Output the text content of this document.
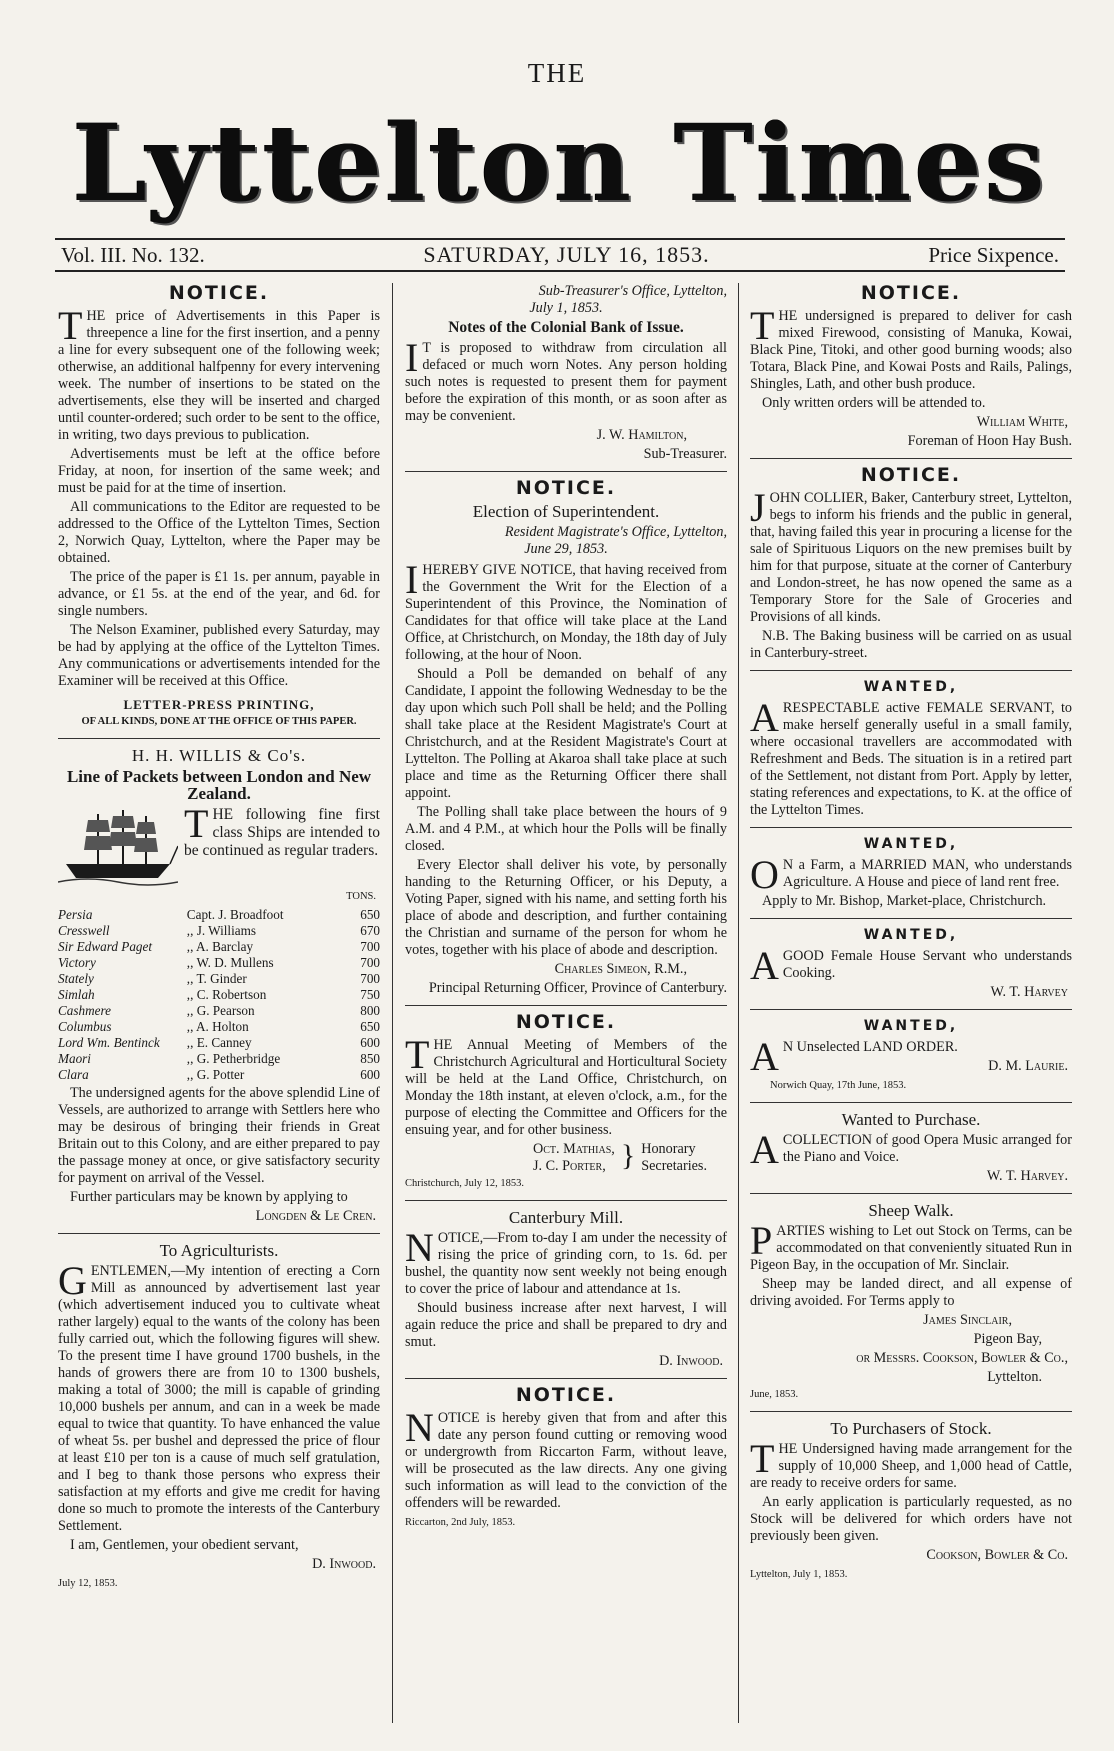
THE
Lyttelton Times
Vol. III. No. 132.	SATURDAY, JULY 16, 1853.	Price Sixpence.
NOTICE.

THE price of Advertisements in this Paper is threepence a line for the first insertion, and a penny a line for every subsequent one of the following week; otherwise, an additional halfpenny for every intervening week. The number of insertions to be stated on the advertisements, else they will be inserted and charged until counter-ordered; such order to be sent to the office, in writing, two days previous to publication.

Advertisements must be left at the office before Friday, at noon, for insertion of the same week; and must be paid for at the time of insertion.

All communications to the Editor are requested to be addressed to the Office of the Lyttelton Times, Section 2, Norwich Quay, Lyttelton, where the Paper may be obtained.

The price of the paper is £1 1s. per annum, payable in advance, or £1 5s. at the end of the year, and 6d. for single numbers.

The Nelson Examiner, published every Saturday, may be had by applying at the office of the Lyttelton Times. Any communications or advertisements intended for the Examiner will be received at this Office.

LETTER-PRESS PRINTING,
OF ALL KINDS, DONE AT THE OFFICE OF THIS PAPER.
H. H. WILLIS & Co's.
Line of Packets between London and New Zealand.

THE following fine first class Ships are intended to be continued as regular traders.

TONS.
Persia	Capt. J. Broadfoot	650
Cresswell	,, J. Williams	670
Sir Edward Paget	,, A. Barclay	700
Victory	,, W. D. Mullens	700
Stately	,, T. Ginder	700
Simlah	,, C. Robertson	750
Cashmere	,, G. Pearson	800
Columbus	,, A. Holton	650
Lord Wm. Bentinck	,, E. Canney	600
Maori	,, G. Petherbridge	850
Clara	,, G. Potter	600

The undersigned agents for the above splendid Line of Vessels, are authorized to arrange with Settlers here who may be desirous of bringing their friends in Great Britain out to this Colony, and are either prepared to pay the passage money at once, or give satisfactory security for payment on arrival of the Vessel.

Further particulars may be known by applying to

Longden & Le Cren.
To Agriculturists.

GENTLEMEN,—My intention of erecting a Corn Mill as announced by advertisement last year (which advertisement induced you to cultivate wheat rather largely) equal to the wants of the colony has been fully carried out, which the following figures will shew. To the present time I have ground 1700 bushels, in the hands of growers there are from 10 to 1300 bushels, making a total of 3000; the mill is capable of grinding 10,000 bushels per annum, and can in a week be made equal to twice that quantity. To have enhanced the value of wheat 5s. per bushel and depressed the price of flour at least £10 per ton is a cause of much self gratulation, and I beg to thank those persons who express their satisfaction at my efforts and give me credit for having done so much to promote the interests of the Canterbury Settlement.

I am, Gentlemen, your obedient servant,

D. Inwood.
July 12, 1853.
Sub-Treasurer's Office, Lyttelton,
July 1, 1853.
Notes of the Colonial Bank of Issue.

I T is proposed to withdraw from circulation all defaced or much worn Notes. Any person holding such notes is requested to present them for payment before the expiration of this month, or as soon after as may be convenient.

J. W. Hamilton,
Sub-Treasurer.
NOTICE.
Election of Superintendent.
Resident Magistrate's Office, Lyttelton,
June 29, 1853.

IHEREBY GIVE NOTICE, that having received from the Government the Writ for the Election of a Superintendent of this Province, the Nomination of Candidates for that office will take place at the Land Office, at Christchurch, on Monday, the 18th day of July following, at the hour of Noon.

Should a Poll be demanded on behalf of any Candidate, I appoint the following Wednesday to be the day upon which such Poll shall be held; and the Polling shall take place at the Resident Magistrate's Court at Christchurch, and at the Resident Magistrate's Court at Lyttelton. The Polling at Akaroa shall take place at such place and time as the Returning Officer there shall appoint.

The Polling shall take place between the hours of 9 A.M. and 4 P.M., at which hour the Polls will be finally closed.

Every Elector shall deliver his vote, by personally handing to the Returning Officer, or his Deputy, a Voting Paper, signed with his name, and setting forth his place of abode and description, and further containing the Christian and surname of the person for whom he votes, together with his place of abode and description.

Charles Simeon, R.M.,
Principal Returning Officer, Province of Canterbury.
NOTICE.

THE Annual Meeting of Members of the Christchurch Agricultural and Horticultural Society will be held at the Land Office, Christchurch, on Monday the 18th instant, at eleven o'clock, a.m., for the purpose of electing the Committee and Officers for the ensuing year, and for other business.

Oct. Mathias,
J. C. Porter, } Honorary
Secretaries.
Christchurch, July 12, 1853.
Canterbury Mill.

NOTICE,—From to-day I am under the necessity of rising the price of grinding corn, to 1s. 6d. per bushel, the quantity now sent weekly not being enough to cover the price of labour and attendance at 1s.

Should business increase after next harvest, I will again reduce the price and shall be prepared to dry and smut.

D. Inwood.
NOTICE.

NOTICE is hereby given that from and after this date any person found cutting or removing wood or undergrowth from Riccarton Farm, without leave, will be prosecuted as the law directs. Any one giving such information as will lead to the conviction of the offenders will be rewarded.

Riccarton, 2nd July, 1853.
NOTICE.

THE undersigned is prepared to deliver for cash mixed Firewood, consisting of Manuka, Kowai, Black Pine, Titoki, and other good burning woods; also Totara, Black Pine, and Kowai Posts and Rails, Palings, Shingles, Lath, and other bush produce.

Only written orders will be attended to.

William White,
Foreman of Hoon Hay Bush.
NOTICE.

JOHN COLLIER, Baker, Canterbury street, Lyttelton, begs to inform his friends and the public in general, that, having failed this year in procuring a license for the sale of Spirituous Liquors on the new premises built by him for that purpose, situate at the corner of Canterbury and London-street, he has now opened the same as a Temporary Store for the Sale of Groceries and Provisions of all kinds.

N.B. The Baking business will be carried on as usual in Canterbury-street.

WANTED,

ARESPECTABLE active FEMALE SERVANT, to make herself generally useful in a small family, where occasional travellers are accommodated with Refreshment and Beds. The situation is in a retired part of the Settlement, not distant from Port. Apply by letter, stating references and expectations, to K. at the office of the Lyttelton Times.

WANTED,

O N a Farm, a MARRIED MAN, who understands Agriculture. A House and piece of land rent free.

Apply to Mr. Bishop, Market-place, Christchurch.

WANTED,

AGOOD Female House Servant who understands Cooking.

W. T. Harvey
WANTED,

A N Unselected LAND ORDER.

D. M. Laurie.
Norwich Quay, 17th June, 1853.
Wanted to Purchase.

ACOLLECTION of good Opera Music arranged for the Piano and Voice.

W. T. Harvey.
Sheep Walk.

PARTIES wishing to Let out Stock on Terms, can be accommodated on that conveniently situated Run in Pigeon Bay, in the occupation of Mr. Sinclair.

Sheep may be landed direct, and all expense of driving avoided. For Terms apply to

James Sinclair,
Pigeon Bay,
or Messrs. Cookson, Bowler & Co.,
Lyttelton.
June, 1853.
To Purchasers of Stock.

THE Undersigned having made arrangement for the supply of 10,000 Sheep, and 1,000 head of Cattle, are ready to receive orders for same.

An early application is particularly requested, as no Stock will be delivered for which orders have not previously been given.

Cookson, Bowler & Co.
Lyttelton, July 1, 1853.
